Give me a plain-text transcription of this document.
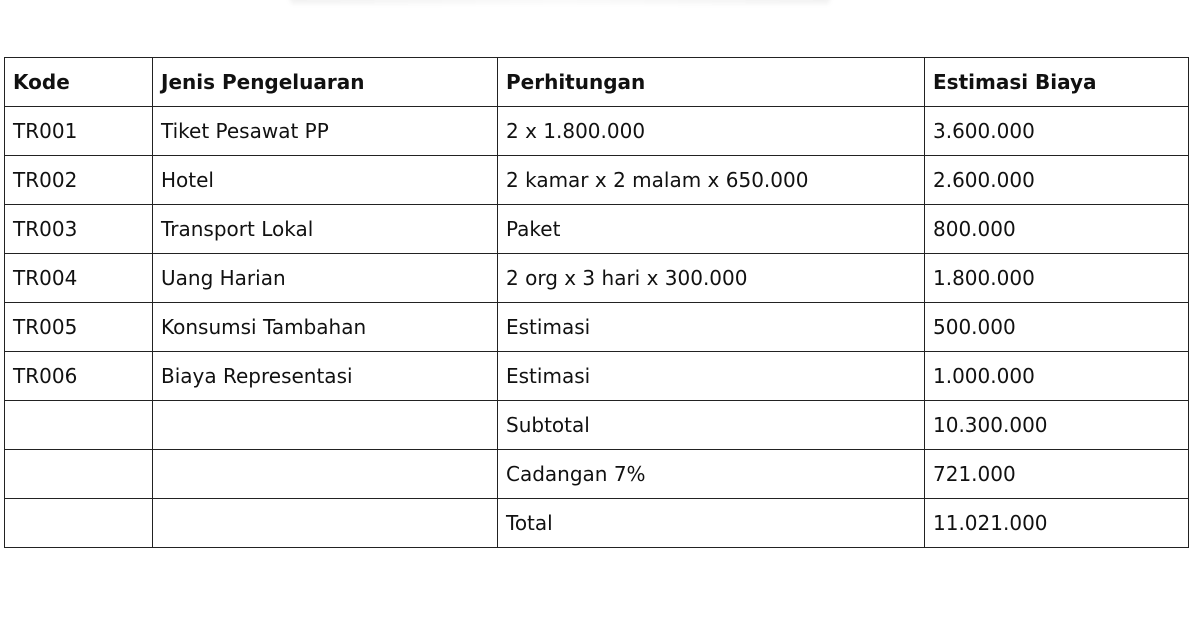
Kode	Jenis Pengeluaran	Perhitungan	Estimasi Biaya
TR001	Tiket Pesawat PP	2 x 1.800.000	3.600.000
TR002	Hotel	2 kamar x 2 malam x 650.000	2.600.000
TR003	Transport Lokal	Paket	800.000
TR004	Uang Harian	2 org x 3 hari x 300.000	1.800.000
TR005	Konsumsi Tambahan	Estimasi	500.000
TR006	Biaya Representasi	Estimasi	1.000.000
		Subtotal	10.300.000
		Cadangan 7%	721.000
		Total	11.021.000
